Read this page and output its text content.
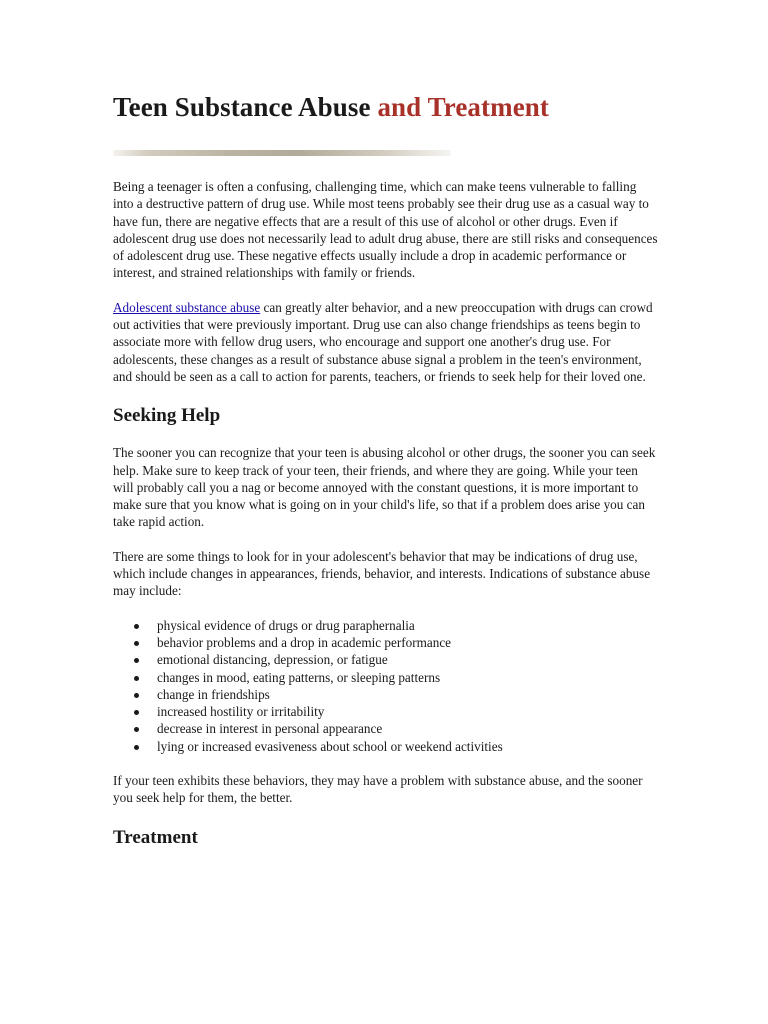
Teen Substance Abuse and Treatment

Being a teenager is often a confusing, challenging time, which can make teens vulnerable to falling into a destructive pattern of drug use. While most teens probably see their drug use as a casual way to have fun, there are negative effects that are a result of this use of alcohol or other drugs. Even if adolescent drug use does not necessarily lead to adult drug abuse, there are still risks and consequences of adolescent drug use. These negative effects usually include a drop in academic performance or interest, and strained relationships with family or friends.

Adolescent substance abuse can greatly alter behavior, and a new preoccupation with drugs can crowd out activities that were previously important. Drug use can also change friendships as teens begin to associate more with fellow drug users, who encourage and support one another's drug use. For adolescents, these changes as a result of substance abuse signal a problem in the teen's environment, and should be seen as a call to action for parents, teachers, or friends to seek help for their loved one.

Seeking Help

The sooner you can recognize that your teen is abusing alcohol or other drugs, the sooner you can seek help. Make sure to keep track of your teen, their friends, and where they are going. While your teen will probably call you a nag or become annoyed with the constant questions, it is more important to make sure that you know what is going on in your child's life, so that if a problem does arise you can take rapid action.

There are some things to look for in your adolescent's behavior that may be indications of drug use, which include changes in appearances, friends, behavior, and interests. Indications of substance abuse may include:

physical evidence of drugs or drug paraphernalia
behavior problems and a drop in academic performance
emotional distancing, depression, or fatigue
changes in mood, eating patterns, or sleeping patterns
change in friendships
increased hostility or irritability
decrease in interest in personal appearance
lying or increased evasiveness about school or weekend activities

If your teen exhibits these behaviors, they may have a problem with substance abuse, and the sooner you seek help for them, the better.

Treatment
